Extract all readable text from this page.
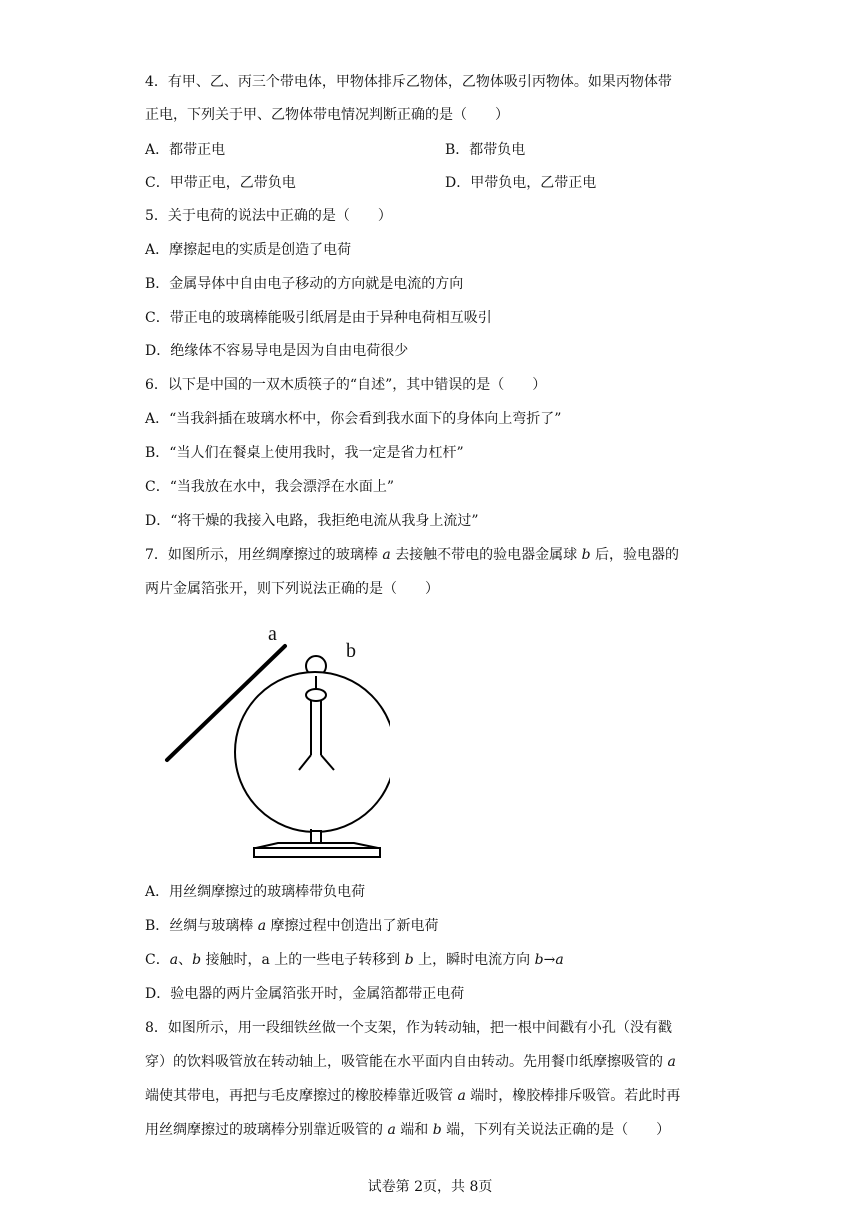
4．有甲、乙、丙三个带电体，甲物体排斥乙物体，乙物体吸引丙物体。如果丙物体带
正电，下列关于甲、乙物体带电情况判断正确的是（　　）
A．都带正电	B．都带负电
C．甲带正电，乙带负电	D．甲带负电，乙带正电
5．关于电荷的说法中正确的是（　　）
A．摩擦起电的实质是创造了电荷
B．金属导体中自由电子移动的方向就是电流的方向
C．带正电的玻璃棒能吸引纸屑是由于异种电荷相互吸引
D．绝缘体不容易导电是因为自由电荷很少
6．以下是中国的一双木质筷子的“自述”，其中错误的是（　　）
A．“当我斜插在玻璃水杯中，你会看到我水面下的身体向上弯折了”
B．“当人们在餐桌上使用我时，我一定是省力杠杆”
C．“当我放在水中，我会漂浮在水面上”
D．“将干燥的我接入电路，我拒绝电流从我身上流过”
7．如图所示，用丝绸摩擦过的玻璃棒 a 去接触不带电的验电器金属球 b 后，验电器的
两片金属箔张开，则下列说法正确的是（　　）
a
b
A．用丝绸摩擦过的玻璃棒带负电荷
B．丝绸与玻璃棒 a 摩擦过程中创造出了新电荷
C．a、b 接触时，a 上的一些电子转移到 b 上，瞬时电流方向 b→a
D．验电器的两片金属箔张开时，金属箔都带正电荷
8．如图所示，用一段细铁丝做一个支架，作为转动轴，把一根中间戳有小孔（没有戳
穿）的饮料吸管放在转动轴上，吸管能在水平面内自由转动。先用餐巾纸摩擦吸管的 a
端使其带电，再把与毛皮摩擦过的橡胶棒靠近吸管 a 端时，橡胶棒排斥吸管。若此时再
用丝绸摩擦过的玻璃棒分别靠近吸管的 a 端和 b 端，下列有关说法正确的是（　　）
试卷第 2页，共 8页
